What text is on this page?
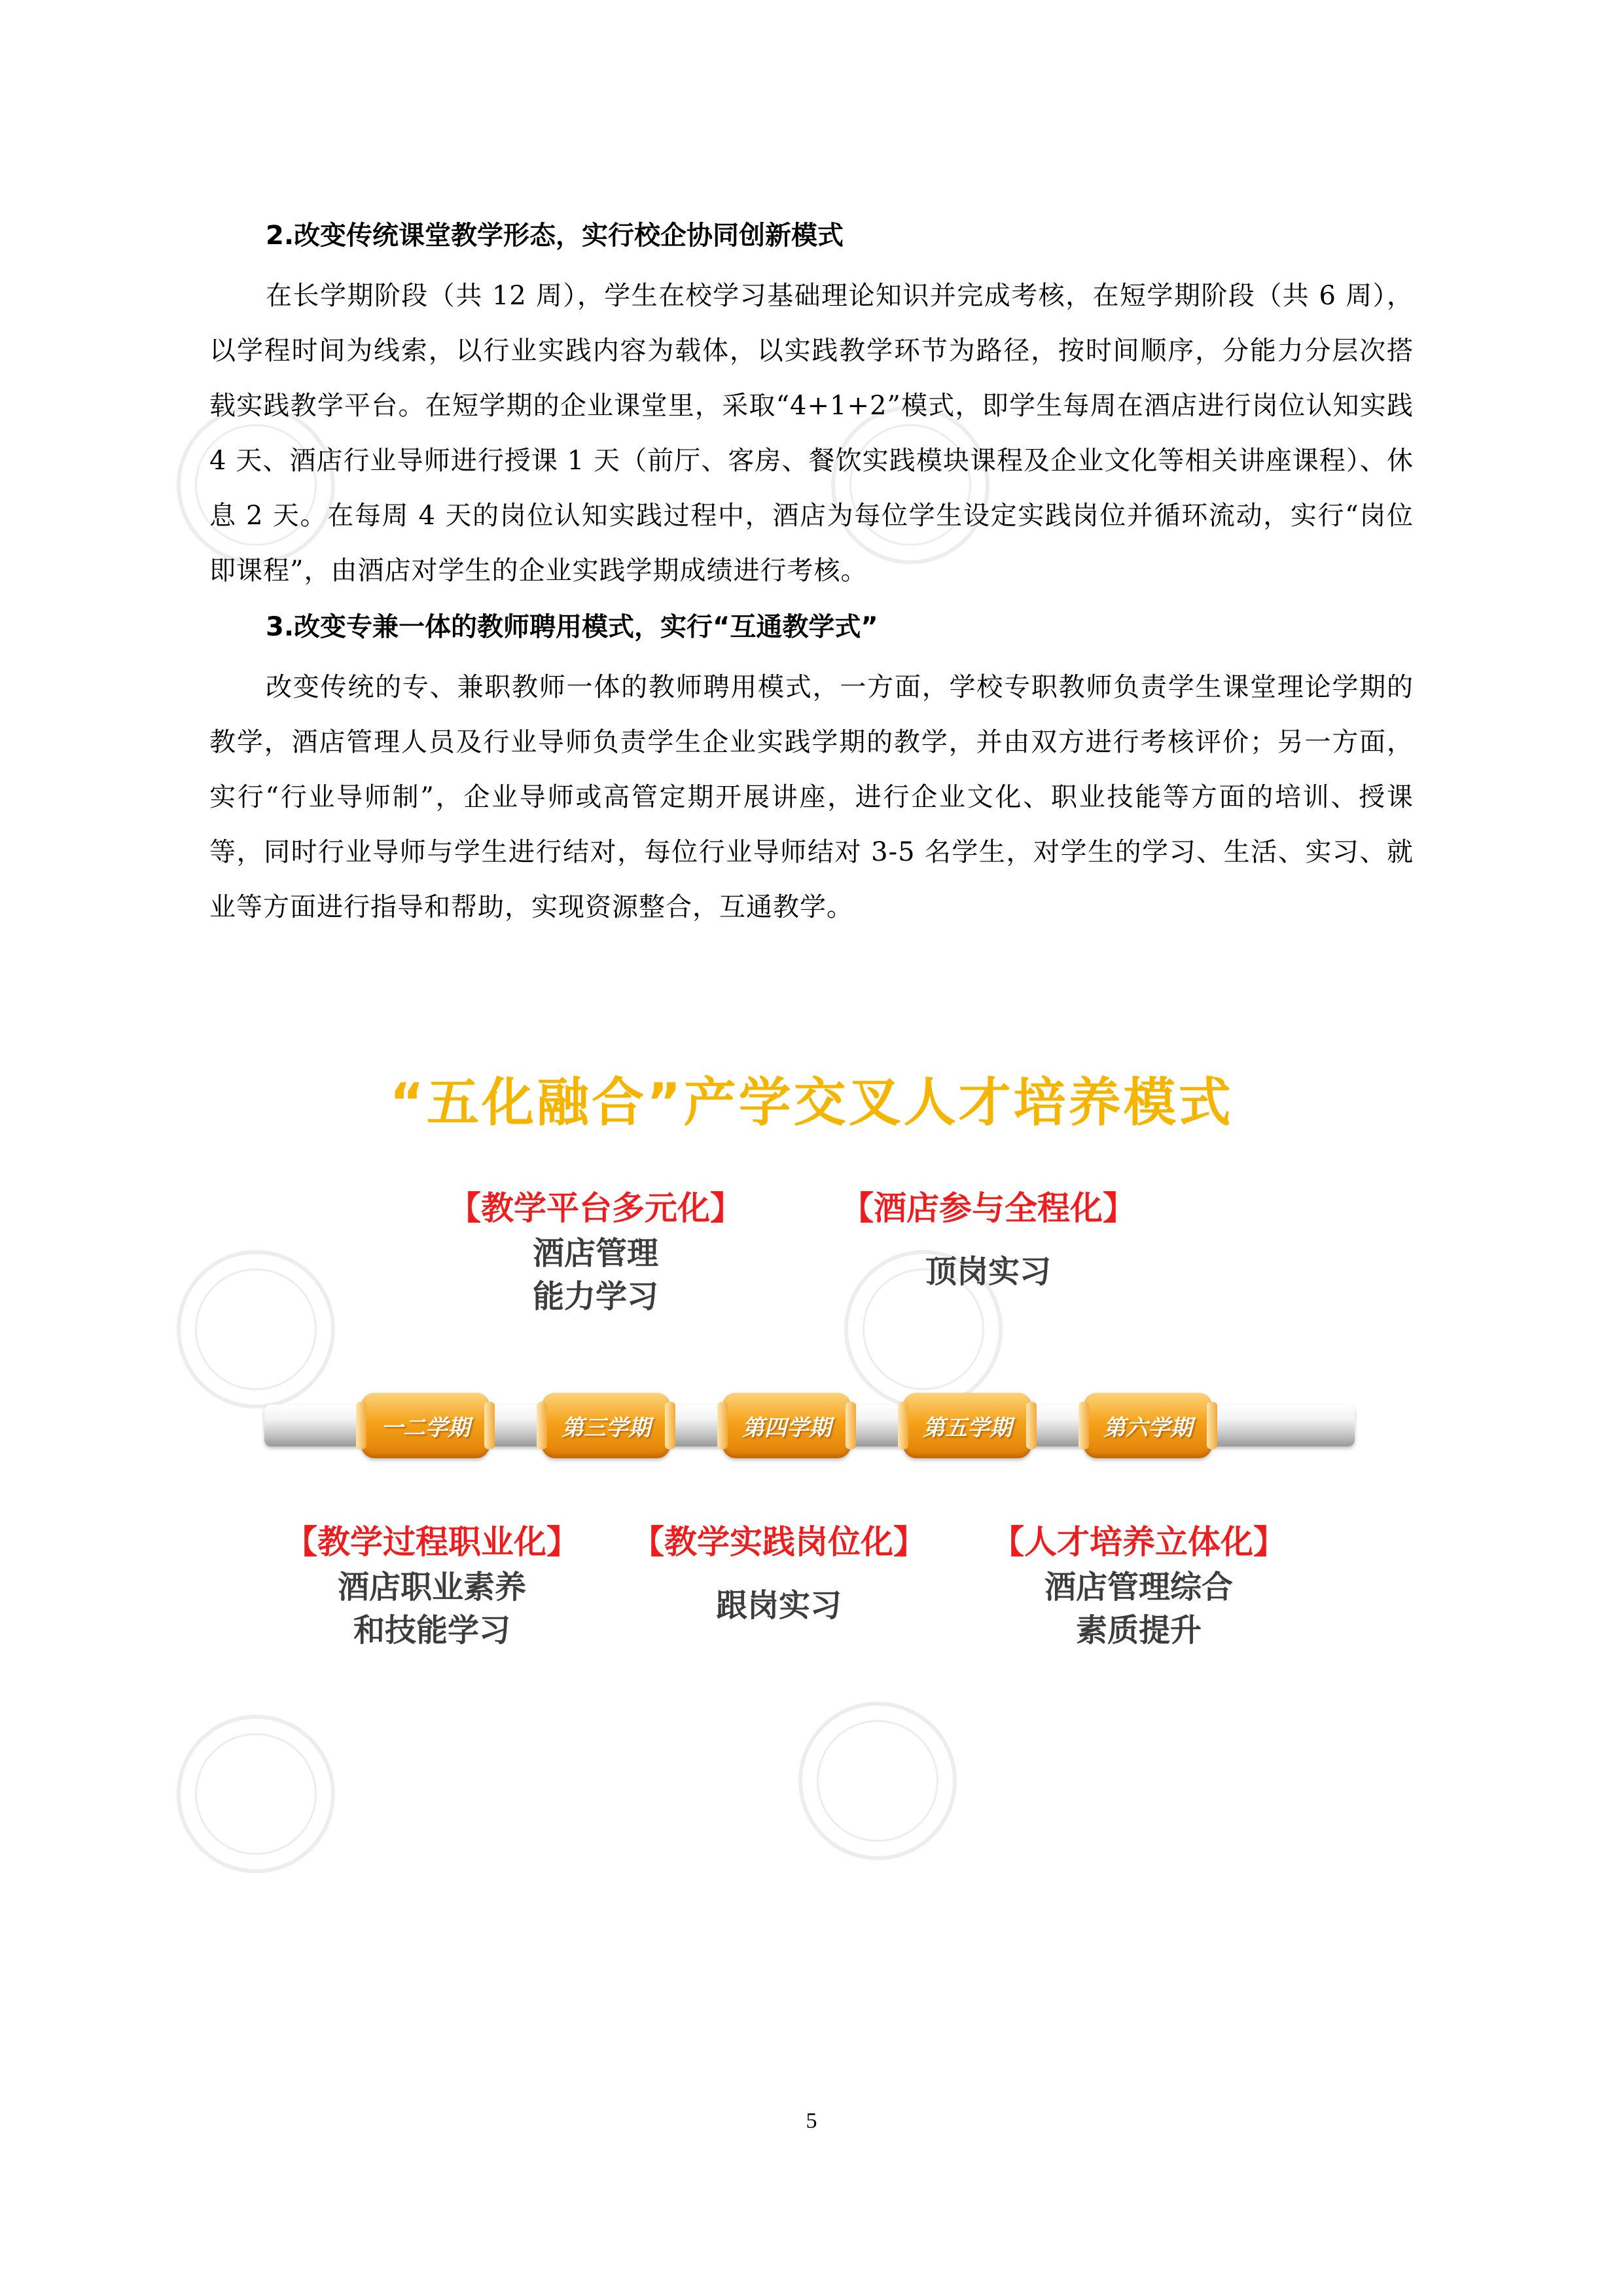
2.改变传统课堂教学形态，实行校企协同创新模式

在长学期阶段（共 12 周），学生在校学习基础理论知识并完成考核，在短学期阶段（共 6 周），以学程时间为线索，以行业实践内容为载体，以实践教学环节为路径，按时间顺序，分能力分层次搭载实践教学平台。在短学期的企业课堂里，采取“4+1+2”模式，即学生每周在酒店进行岗位认知实践 4 天、酒店行业导师进行授课 1 天（前厅、客房、餐饮实践模块课程及企业文化等相关讲座课程）、休息 2 天。在每周 4 天的岗位认知实践过程中，酒店为每位学生设定实践岗位并循环流动，实行“岗位即课程”，由酒店对学生的企业实践学期成绩进行考核。

3.改变专兼一体的教师聘用模式，实行“互通教学式”

改变传统的专、兼职教师一体的教师聘用模式，一方面，学校专职教师负责学生课堂理论学期的教学，酒店管理人员及行业导师负责学生企业实践学期的教学，并由双方进行考核评价；另一方面，实行“行业导师制”，企业导师或高管定期开展讲座，进行企业文化、职业技能等方面的培训、授课等，同时行业导师与学生进行结对，每位行业导师结对 3-5 名学生，对学生的学习、生活、实习、就业等方面进行指导和帮助，实现资源整合，互通教学。

“五化融合”产学交叉人才培养模式
【教学平台多元化】
酒店管理
能力学习
【酒店参与全程化】
顶岗实习
一二学期	第三学期	第四学期	第五学期	第六学期
【教学过程职业化】
酒店职业素养
和技能学习
【教学实践岗位化】
跟岗实习
【人才培养立体化】
酒店管理综合
素质提升
5
